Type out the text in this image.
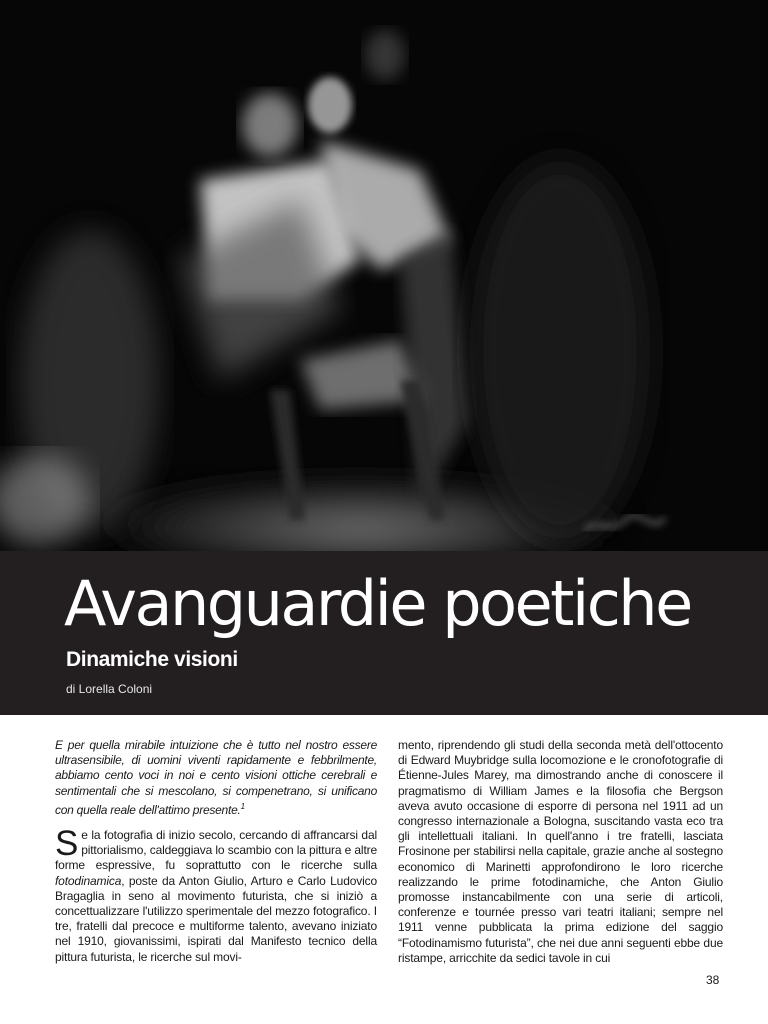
Avanguardie poetiche
Dinamiche visioni
di Lorella Coloni

E per quella mirabile intuizione che è tutto nel nostro essere ultrasensibile, di uomini viventi rapidamente e febbrilmente, abbiamo cento voci in noi e cento visioni ottiche cerebrali e sentimentali che si mescolano, si compenetrano, si unificano con quella reale dell'attimo presente.$^1$

Se la fotografia di inizio secolo, cercando di affrancarsi dal pittorialismo, caldeggiava lo scambio con la pittura e altre forme espressive, fu soprattutto con le ricerche sulla fotodinamica, poste da Anton Giulio, Arturo e Carlo Ludovico Bragaglia in seno al movimento futurista, che si iniziò a concettualizzare l'utilizzo sperimentale del mezzo fotografico. I tre, fratelli dal precoce e multiforme talento, avevano iniziato nel 1910, giovanissimi, ispirati dal Manifesto tecnico della pittura futurista, le ricerche sul movi-

mento, riprendendo gli studi della seconda metà dell'ottocento di Edward Muybridge sulla locomozione e le cronofotografie di Étienne-Jules Marey, ma dimostrando anche di conoscere il pragmatismo di William James e la filosofia che Bergson aveva avuto occasione di esporre di persona nel 1911 ad un congresso internazionale a Bologna, suscitando vasta eco tra gli intellettuali italiani. In quell'anno i tre fratelli, lasciata Frosinone per stabilirsi nella capitale, grazie anche al sostegno economico di Marinetti approfondirono le loro ricerche realizzando le prime fotodinamiche, che Anton Giulio promosse instancabilmente con una serie di articoli, conferenze e tournée presso vari teatri italiani; sempre nel 1911 venne pubblicata la prima edizione del saggio “Fotodinamismo futurista”, che nei due anni seguenti ebbe due ristampe, arricchite da sedici tavole in cui

38
